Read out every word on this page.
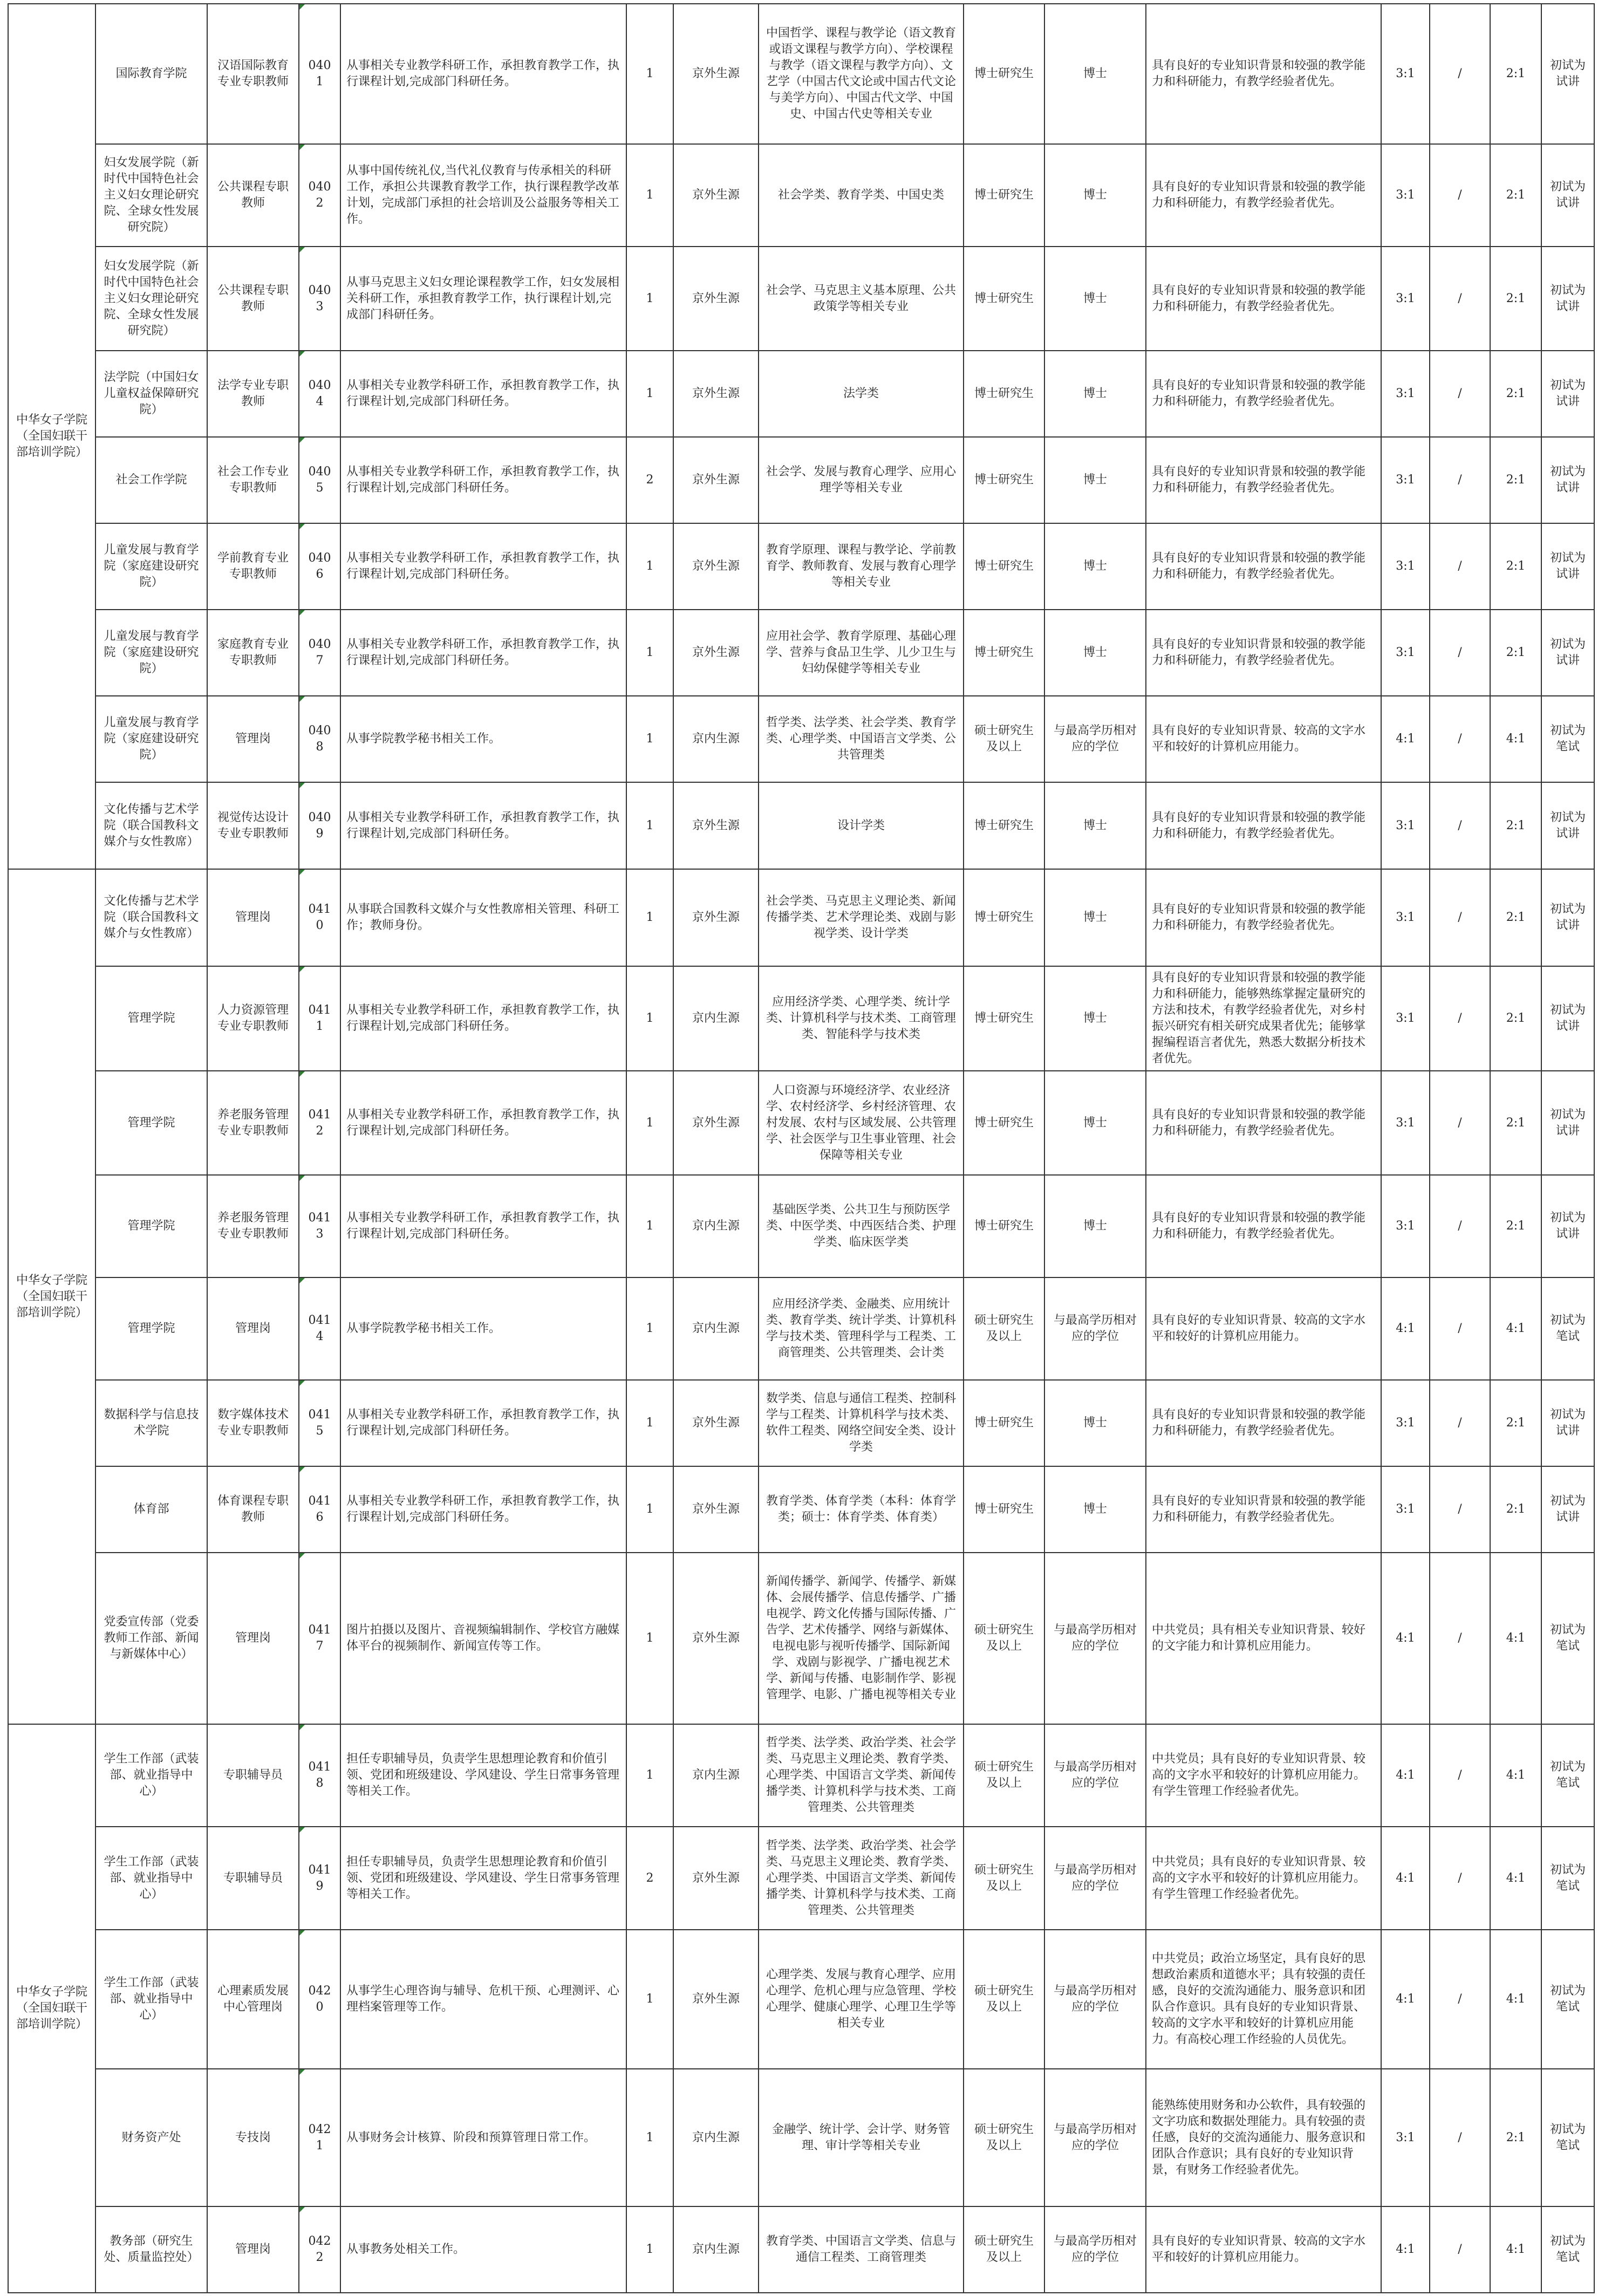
中华女子学院（全国妇联干部培训学院）	国际教育学院	汉语国际教育专业专职教师	0401	从事相关专业教学科研工作，承担教育教学工作，执行课程计划,完成部门科研任务。	1	京外生源	中国哲学、课程与教学论（语文教育或语文课程与教学方向）、学校课程与教学（语文课程与教学方向）、文艺学（中国古代文论或中国古代文论与美学方向）、中国古代文学、中国史、中国古代史等相关专业	博士研究生	博士	具有良好的专业知识背景和较强的教学能力和科研能力，有教学经验者优先。	3:1	/	2:1	初试为试讲
	妇女发展学院（新时代中国特色社会主义妇女理论研究院、全球女性发展研究院）	公共课程专职教师	0402	从事中国传统礼仪,当代礼仪教育与传承相关的科研工作，承担公共课教育教学工作，执行课程教学改革计划，完成部门承担的社会培训及公益服务等相关工作。	1	京外生源	社会学类、教育学类、中国史类	博士研究生	博士	具有良好的专业知识背景和较强的教学能力和科研能力，有教学经验者优先。	3:1	/	2:1	初试为试讲
	妇女发展学院（新时代中国特色社会主义妇女理论研究院、全球女性发展研究院）	公共课程专职教师	0403	从事马克思主义妇女理论课程教学工作，妇女发展相关科研工作，承担教育教学工作，执行课程计划,完成部门科研任务。	1	京外生源	社会学、马克思主义基本原理、公共政策学等相关专业	博士研究生	博士	具有良好的专业知识背景和较强的教学能力和科研能力，有教学经验者优先。	3:1	/	2:1	初试为试讲
	法学院（中国妇女儿童权益保障研究院）	法学专业专职教师	0404	从事相关专业教学科研工作，承担教育教学工作，执行课程计划,完成部门科研任务。	1	京外生源	法学类	博士研究生	博士	具有良好的专业知识背景和较强的教学能力和科研能力，有教学经验者优先。	3:1	/	2:1	初试为试讲
	社会工作学院	社会工作专业专职教师	0405	从事相关专业教学科研工作，承担教育教学工作，执行课程计划,完成部门科研任务。	2	京外生源	社会学、发展与教育心理学、应用心理学等相关专业	博士研究生	博士	具有良好的专业知识背景和较强的教学能力和科研能力，有教学经验者优先。	3:1	/	2:1	初试为试讲
	儿童发展与教育学院（家庭建设研究院）	学前教育专业专职教师	0406	从事相关专业教学科研工作，承担教育教学工作，执行课程计划,完成部门科研任务。	1	京外生源	教育学原理、课程与教学论、学前教育学、教师教育、发展与教育心理学等相关专业	博士研究生	博士	具有良好的专业知识背景和较强的教学能力和科研能力，有教学经验者优先。	3:1	/	2:1	初试为试讲
	儿童发展与教育学院（家庭建设研究院）	家庭教育专业专职教师	0407	从事相关专业教学科研工作，承担教育教学工作，执行课程计划,完成部门科研任务。	1	京外生源	应用社会学、教育学原理、基础心理学、营养与食品卫生学、儿少卫生与妇幼保健学等相关专业	博士研究生	博士	具有良好的专业知识背景和较强的教学能力和科研能力，有教学经验者优先。	3:1	/	2:1	初试为试讲
	儿童发展与教育学院（家庭建设研究院）	管理岗	0408	从事学院教学秘书相关工作。	1	京内生源	哲学类、法学类、社会学类、教育学类、心理学类、中国语言文学类、公共管理类	硕士研究生及以上	与最高学历相对应的学位	具有良好的专业知识背景、较高的文字水平和较好的计算机应用能力。	4:1	/	4:1	初试为笔试
	文化传播与艺术学院（联合国教科文媒介与女性教席）	视觉传达设计专业专职教师	0409	从事相关专业教学科研工作，承担教育教学工作，执行课程计划,完成部门科研任务。	1	京外生源	设计学类	博士研究生	博士	具有良好的专业知识背景和较强的教学能力和科研能力，有教学经验者优先。	3:1	/	2:1	初试为试讲
中华女子学院（全国妇联干部培训学院）	文化传播与艺术学院（联合国教科文媒介与女性教席）	管理岗	0410	从事联合国教科文媒介与女性教席相关管理、科研工作；教师身份。	1	京外生源	社会学类、马克思主义理论类、新闻传播学类、艺术学理论类、戏剧与影视学类、设计学类	博士研究生	博士	具有良好的专业知识背景和较强的教学能力和科研能力，有教学经验者优先。	3:1	/	2:1	初试为试讲
	管理学院	人力资源管理专业专职教师	0411	从事相关专业教学科研工作，承担教育教学工作，执行课程计划,完成部门科研任务。	1	京内生源	应用经济学类、心理学类、统计学类、计算机科学与技术类、工商管理类、智能科学与技术类	博士研究生	博士	具有良好的专业知识背景和较强的教学能力和科研能力，能够熟练掌握定量研究的方法和技术，有教学经验者优先，对乡村振兴研究有相关研究成果者优先；能够掌握编程语言者优先，熟悉大数据分析技术者优先。	3:1	/	2:1	初试为试讲
	管理学院	养老服务管理专业专职教师	0412	从事相关专业教学科研工作，承担教育教学工作，执行课程计划,完成部门科研任务。	1	京外生源	人口资源与环境经济学、农业经济学、农村经济学、乡村经济管理、农村发展、农村与区域发展、公共管理学、社会医学与卫生事业管理、社会保障等相关专业	博士研究生	博士	具有良好的专业知识背景和较强的教学能力和科研能力，有教学经验者优先。	3:1	/	2:1	初试为试讲
	管理学院	养老服务管理专业专职教师	0413	从事相关专业教学科研工作，承担教育教学工作，执行课程计划,完成部门科研任务。	1	京内生源	基础医学类、公共卫生与预防医学类、中医学类、中西医结合类、护理学类、临床医学类	博士研究生	博士	具有良好的专业知识背景和较强的教学能力和科研能力，有教学经验者优先。	3:1	/	2:1	初试为试讲
	管理学院	管理岗	0414	从事学院教学秘书相关工作。	1	京内生源	应用经济学类、金融类、应用统计类、教育学类、统计学类、计算机科学与技术类、管理科学与工程类、工商管理类、公共管理类、会计类	硕士研究生及以上	与最高学历相对应的学位	具有良好的专业知识背景、较高的文字水平和较好的计算机应用能力。	4:1	/	4:1	初试为笔试
	数据科学与信息技术学院	数字媒体技术专业专职教师	0415	从事相关专业教学科研工作，承担教育教学工作，执行课程计划,完成部门科研任务。	1	京外生源	数学类、信息与通信工程类、控制科学与工程类、计算机科学与技术类、软件工程类、网络空间安全类、设计学类	博士研究生	博士	具有良好的专业知识背景和较强的教学能力和科研能力，有教学经验者优先。	3:1	/	2:1	初试为试讲
	体育部	体育课程专职教师	0416	从事相关专业教学科研工作，承担教育教学工作，执行课程计划,完成部门科研任务。	1	京外生源	教育学类、体育学类（本科：体育学类；硕士：体育学类、体育类）	博士研究生	博士	具有良好的专业知识背景和较强的教学能力和科研能力，有教学经验者优先。	3:1	/	2:1	初试为试讲
	党委宣传部（党委教师工作部、新闻与新媒体中心）	管理岗	0417	图片拍摄以及图片、音视频编辑制作、学校官方融媒体平台的视频制作、新闻宣传等工作。	1	京外生源	新闻传播学、新闻学、传播学、新媒体、会展传播学、信息传播学、广播电视学、跨文化传播与国际传播、广告学、艺术传播学、网络与新媒体、电视电影与视听传播学、国际新闻学、戏剧与影视学、广播电视艺术学、新闻与传播、电影制作学、影视管理学、电影、广播电视等相关专业	硕士研究生及以上	与最高学历相对应的学位	中共党员；具有相关专业知识背景、较好的文字能力和计算机应用能力。	4:1	/	4:1	初试为笔试
中华女子学院（全国妇联干部培训学院）	学生工作部（武装部、就业指导中心）	专职辅导员	0418	担任专职辅导员，负责学生思想理论教育和价值引领、党团和班级建设、学风建设、学生日常事务管理等相关工作。	1	京内生源	哲学类、法学类、政治学类、社会学类、马克思主义理论类、教育学类、心理学类、中国语言文学类、新闻传播学类、计算机科学与技术类、工商管理类、公共管理类	硕士研究生及以上	与最高学历相对应的学位	中共党员；具有良好的专业知识背景、较高的文字水平和较好的计算机应用能力。有学生管理工作经验者优先。	4:1	/	4:1	初试为笔试
	学生工作部（武装部、就业指导中心）	专职辅导员	0419	担任专职辅导员，负责学生思想理论教育和价值引领、党团和班级建设、学风建设、学生日常事务管理等相关工作。	2	京外生源	哲学类、法学类、政治学类、社会学类、马克思主义理论类、教育学类、心理学类、中国语言文学类、新闻传播学类、计算机科学与技术类、工商管理类、公共管理类	硕士研究生及以上	与最高学历相对应的学位	中共党员；具有良好的专业知识背景、较高的文字水平和较好的计算机应用能力。有学生管理工作经验者优先。	4:1	/	4:1	初试为笔试
	学生工作部（武装部、就业指导中心）	心理素质发展中心管理岗	0420	从事学生心理咨询与辅导、危机干预、心理测评、心理档案管理等工作。	1	京外生源	心理学类、发展与教育心理学、应用心理学、危机心理与应急管理、学校心理学、健康心理学、心理卫生学等相关专业	硕士研究生及以上	与最高学历相对应的学位	中共党员；政治立场坚定，具有良好的思想政治素质和道德水平；具有较强的责任感，良好的交流沟通能力、服务意识和团队合作意识。具有良好的专业知识背景、较高的文字水平和较好的计算机应用能力。有高校心理工作经验的人员优先。	4:1	/	4:1	初试为笔试
	财务资产处	专技岗	0421	从事财务会计核算、阶段和预算管理日常工作。	1	京内生源	金融学、统计学、会计学、财务管理、审计学等相关专业	硕士研究生及以上	与最高学历相对应的学位	能熟练使用财务和办公软件，具有较强的文字功底和数据处理能力。具有较强的责任感，良好的交流沟通能力、服务意识和团队合作意识；具有良好的专业知识背景，有财务工作经验者优先。	3:1	/	2:1	初试为笔试
	教务部（研究生处、质量监控处）	管理岗	0422	从事教务处相关工作。	1	京内生源	教育学类、中国语言文学类、信息与通信工程类、工商管理类	硕士研究生及以上	与最高学历相对应的学位	具有良好的专业知识背景、较高的文字水平和较好的计算机应用能力。	4:1	/	4:1	初试为笔试
